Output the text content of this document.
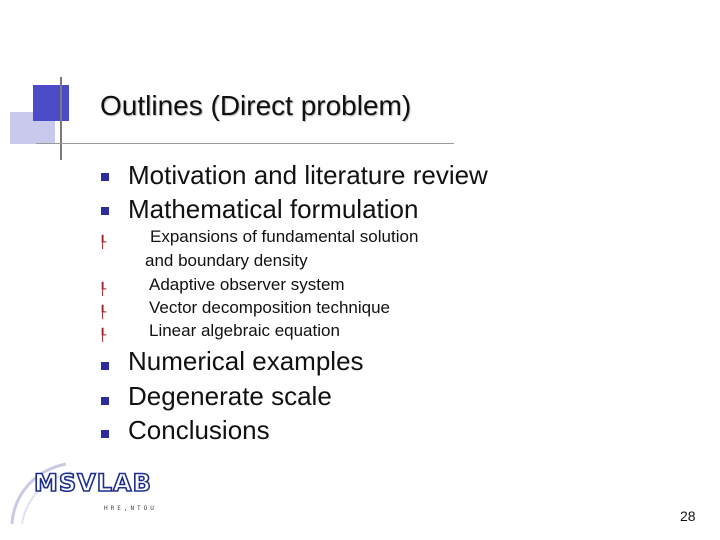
Outlines (Direct problem)
Motivation and literature review
Mathematical formulation
┞	Expansions of fundamental solution
and boundary density
┞	Adaptive observer system
┞	Vector decomposition technique
┞	Linear algebraic equation
Numerical examples
Degenerate scale
Conclusions
MSVLAB
HRE,NTOU	28
